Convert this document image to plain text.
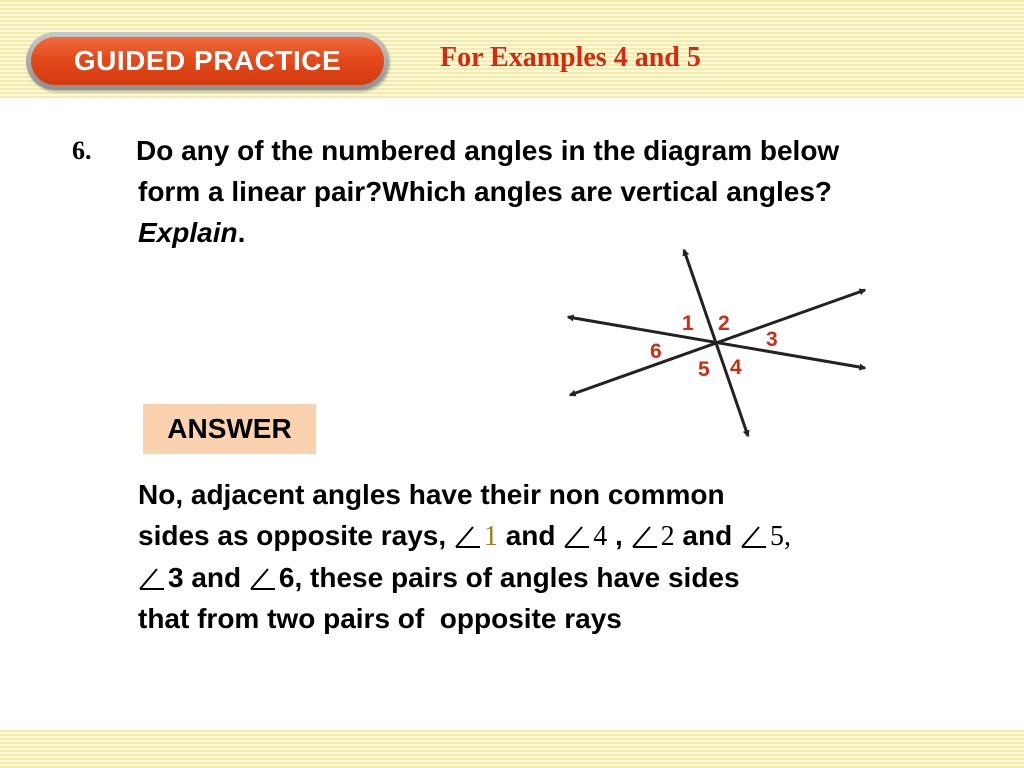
GUIDED PRACTICE	For Examples 4 and 5
6. Do any of the numbered angles in the diagram below
form a linear pair?Which angles are vertical angles?
Explain.
1 2
3
4
5
6
ANSWER
No, adjacent angles have their non common
sides as opposite rays, 1 and 4 , 2 and 5,
3 and 6, these pairs of angles have sides
that from two pairs of  opposite rays
